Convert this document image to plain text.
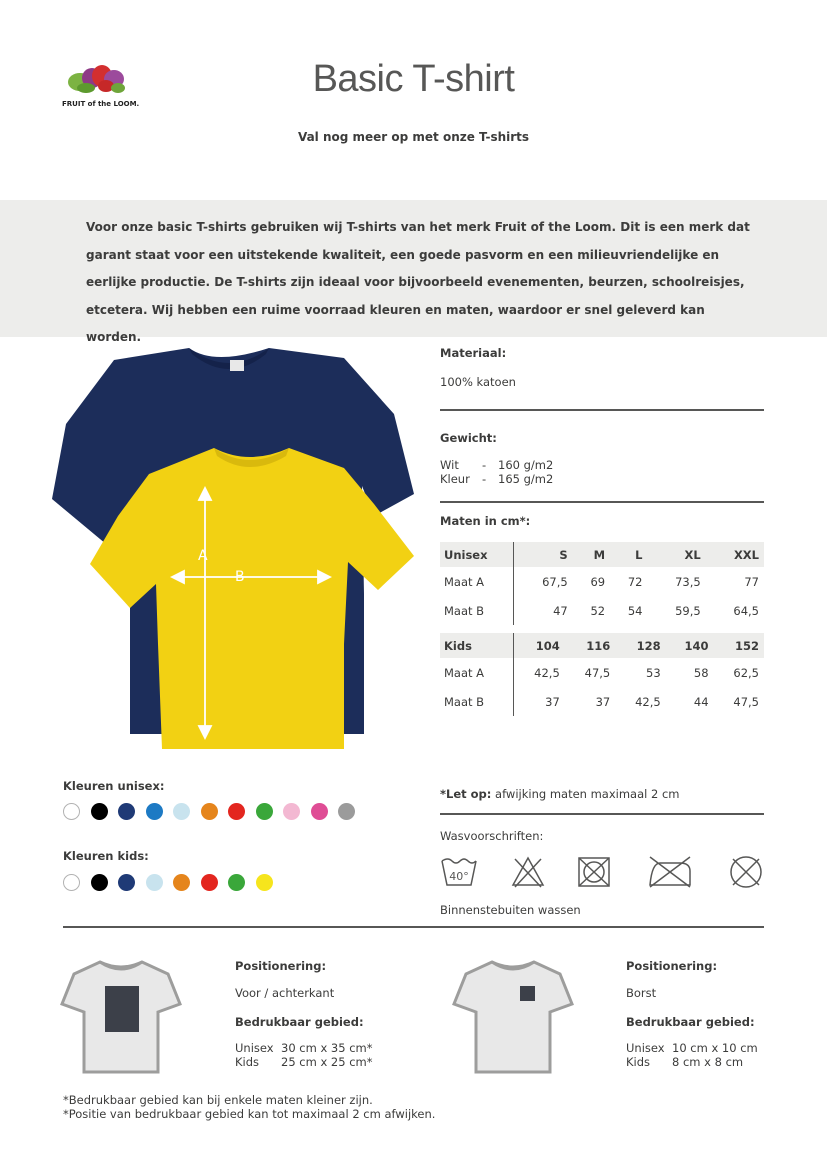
FRUIT of the LOOM.
Basic T-shirt
Val nog meer op met onze T-shirts

Voor onze basic T-shirts gebruiken wij T-shirts van het merk Fruit of the Loom. Dit is een merk dat garant staat voor een uitstekende kwaliteit, een goede pasvorm en een milieuvriendelijke en eerlijke productie. De T-shirts zijn ideaal voor bijvoorbeeld evenementen, beurzen, schoolreisjes, etcetera. Wij hebben een ruime voorraad kleuren en maten, waardoor er snel geleverd kan worden.

A
B
Materiaal:
100% katoen
Gewicht:
Wit - 160 g/m2
Kleur - 165 g/m2
Maten in cm*:
Unisex	S	M	L	XL	XXL
Maat A	67,5	69	72	73,5	77
Maat B	47	52	54	59,5	64,5
Kids	104	116	128	140	152
Maat A	42,5	47,5	53	58	62,5
Maat B	37	37	42,5	44	47,5
Kleuren unisex:
Kleuren kids:
*Let op: afwijking maten maximaal 2 cm
Wasvoorschriften:
40°
Binnenstebuiten wassen
Positionering:
Voor / achterkant
Bedrukbaar gebied:
Unisex 30 cm x 35 cm*
Kids 25 cm x 25 cm*
Positionering:
Borst
Bedrukbaar gebied:
Unisex 10 cm x 10 cm
Kids 8 cm x 8 cm
*Bedrukbaar gebied kan bij enkele maten kleiner zijn.
*Positie van bedrukbaar gebied kan tot maximaal 2 cm afwijken.
